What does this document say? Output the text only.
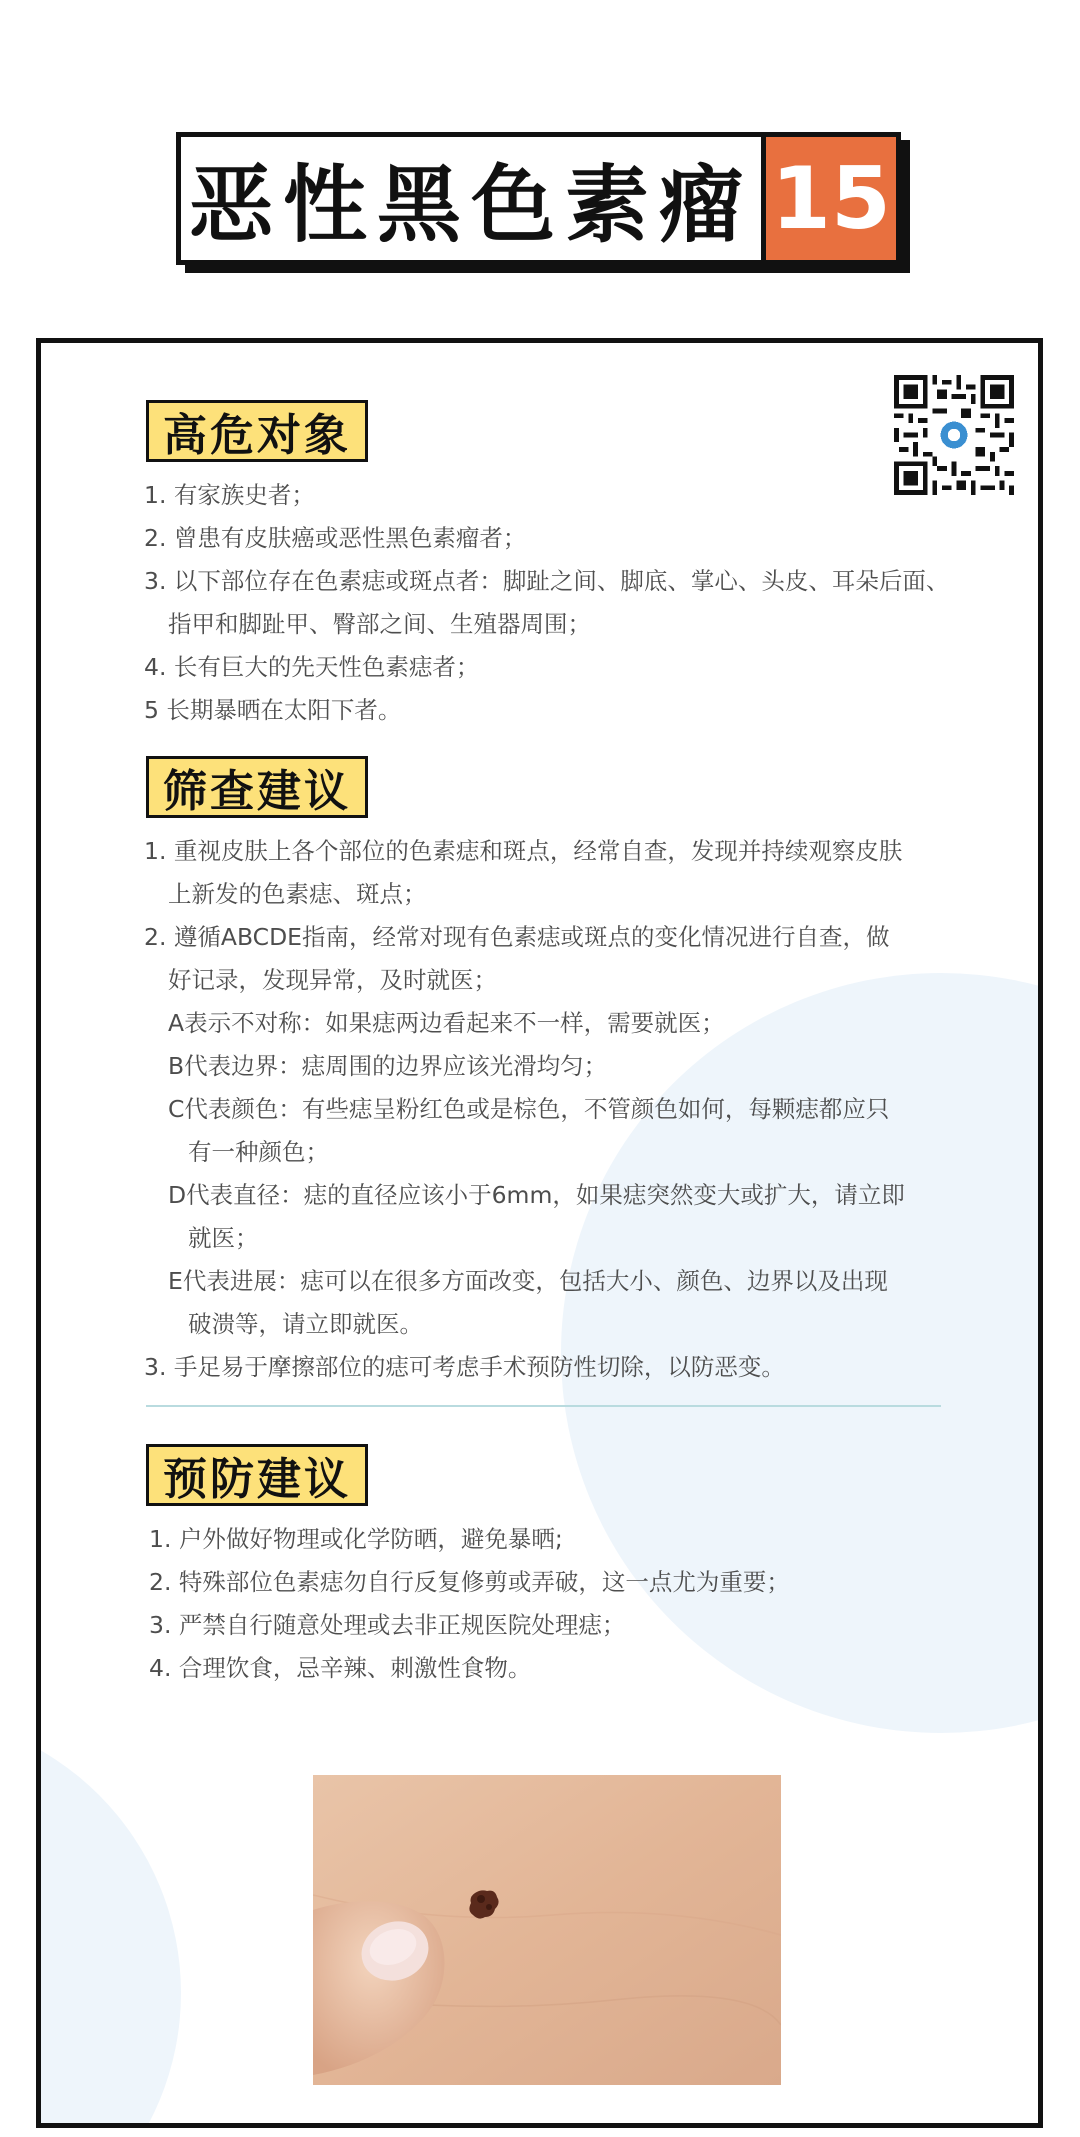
恶性黑色素瘤 15
高危对象
1. 有家族史者；
2. 曾患有皮肤癌或恶性黑色素瘤者；
3. 以下部位存在色素痣或斑点者：脚趾之间、脚底、掌心、头皮、耳朵后面、
指甲和脚趾甲、臀部之间、生殖器周围；
4. 长有巨大的先天性色素痣者；
5 长期暴晒在太阳下者。
筛查建议
1. 重视皮肤上各个部位的色素痣和斑点，经常自查，发现并持续观察皮肤
上新发的色素痣、斑点；
2. 遵循ABCDE指南，经常对现有色素痣或斑点的变化情况进行自查，做
好记录，发现异常，及时就医；
A表示不对称：如果痣两边看起来不一样，需要就医；
B代表边界：痣周围的边界应该光滑均匀；
C代表颜色：有些痣呈粉红色或是棕色，不管颜色如何，每颗痣都应只
有一种颜色；
D代表直径：痣的直径应该小于6mm，如果痣突然变大或扩大，请立即
就医；
E代表进展：痣可以在很多方面改变，包括大小、颜色、边界以及出现
破溃等，请立即就医。
3. 手足易于摩擦部位的痣可考虑手术预防性切除，以防恶变。
预防建议
1. 户外做好物理或化学防晒，避免暴晒;
2. 特殊部位色素痣勿自行反复修剪或弄破，这一点尤为重要；
3. 严禁自行随意处理或去非正规医院处理痣；
4. 合理饮食，忌辛辣、刺激性食物。
